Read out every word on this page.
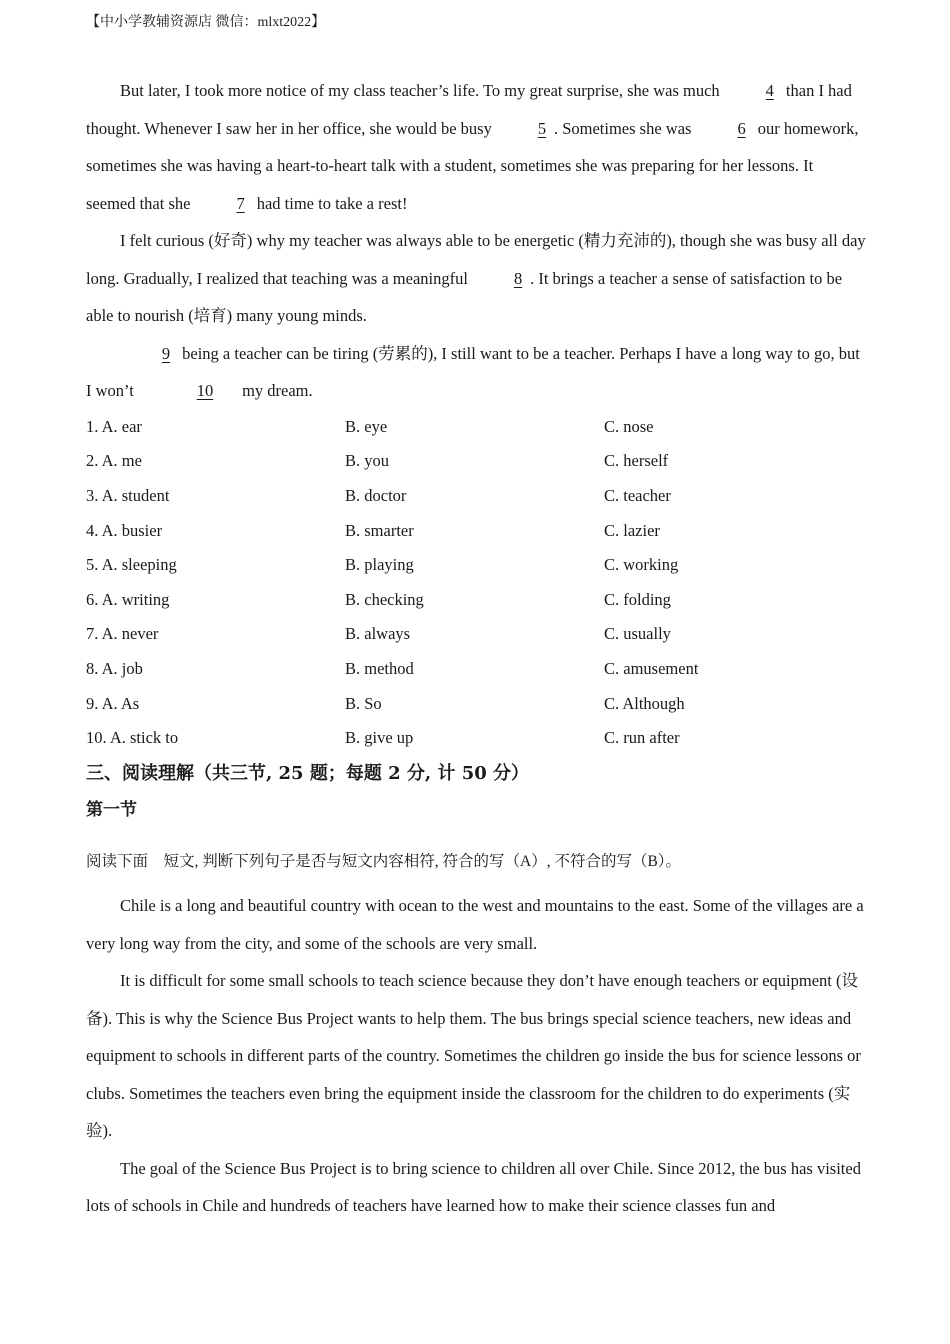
【中小学教辅资源店 微信：mlxt2022】

But later, I took more notice of my class teacher’s life. To my great surprise, she was much	4 than I had thought. Whenever I saw her in her office, she would be busy	5 . Sometimes she was	6 our homework, sometimes she was having a heart-to-heart talk with a student, sometimes she was preparing for her lessons. It seemed that she	7 had time to take a rest!

I felt curious (好奇) why my teacher was always able to be energetic (精力充沛的), though she was busy all day long. Gradually, I realized that teaching was a meaningful	8 . It brings a teacher a sense of satisfaction to be able to nourish (培育) many young minds.

9 being a teacher can be tiring (劳累的), I still want to be a teacher. Perhaps I have a long way to go, but I won’t	10 my dream.

1. A. ear	B. eye	C. nose
2. A. me	B. you	C. herself
3. A. student	B. doctor	C. teacher
4. A. busier	B. smarter	C. lazier
5. A. sleeping	B. playing	C. working
6. A. writing	B. checking	C. folding
7. A. never	B. always	C. usually
8. A. job	B. method	C. amusement
9. A. As	B. So	C. Although
10. A. stick to	B. give up	C. run after
三、阅读理解（共三节, 25 题；每题 2 分, 计 50 分）
第一节
阅读下面　短文, 判断下列句子是否与短文内容相符, 符合的写（A）, 不符合的写（B）。

Chile is a long and beautiful country with ocean to the west and mountains to the east. Some of the villages are a very long way from the city, and some of the schools are very small.

It is difficult for some small schools to teach science because they don’t have enough teachers or equipment (设备). This is why the Science Bus Project wants to help them. The bus brings special science teachers, new ideas and equipment to schools in different parts of the country. Sometimes the children go inside the bus for science lessons or clubs. Sometimes the teachers even bring the equipment inside the classroom for the children to do experiments (实验).

The goal of the Science Bus Project is to bring science to children all over Chile. Since 2012, the bus has visited lots of schools in Chile and hundreds of teachers have learned how to make their science classes fun and
